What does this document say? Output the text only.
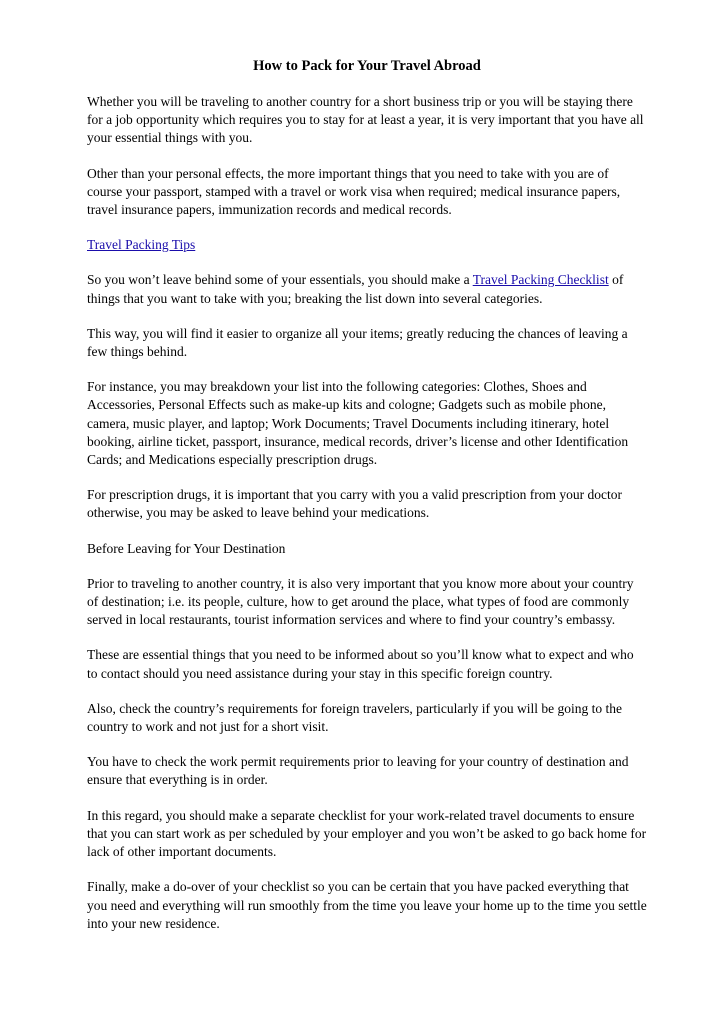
How to Pack for Your Travel Abroad

Whether you will be traveling to another country for a short business trip or you will be staying there for a job opportunity which requires you to stay for at least a year, it is very important that you have all your essential things with you.

Other than your personal effects, the more important things that you need to take with you are of course your passport, stamped with a travel or work visa when required; medical insurance papers, travel insurance papers, immunization records and medical records.

Travel Packing Tips

So you won’t leave behind some of your essentials, you should make a Travel Packing Checklist of things that you want to take with you; breaking the list down into several categories.

This way, you will find it easier to organize all your items; greatly reducing the chances of leaving a few things behind.

For instance, you may breakdown your list into the following categories: Clothes, Shoes and Accessories, Personal Effects such as make-up kits and cologne; Gadgets such as mobile phone, camera, music player, and laptop; Work Documents; Travel Documents including itinerary, hotel booking, airline ticket, passport, insurance, medical records, driver’s license and other Identification Cards; and Medications especially prescription drugs.

For prescription drugs, it is important that you carry with you a valid prescription from your doctor otherwise, you may be asked to leave behind your medications.

Before Leaving for Your Destination

Prior to traveling to another country, it is also very important that you know more about your country of destination; i.e. its people, culture, how to get around the place, what types of food are commonly served in local restaurants, tourist information services and where to find your country’s embassy.

These are essential things that you need to be informed about so you’ll know what to expect and who to contact should you need assistance during your stay in this specific foreign country.

Also, check the country’s requirements for foreign travelers, particularly if you will be going to the country to work and not just for a short visit.

You have to check the work permit requirements prior to leaving for your country of destination and ensure that everything is in order.

In this regard, you should make a separate checklist for your work-related travel documents to ensure that you can start work as per scheduled by your employer and you won’t be asked to go back home for lack of other important documents.

Finally, make a do-over of your checklist so you can be certain that you have packed everything that you need and everything will run smoothly from the time you leave your home up to the time you settle into your new residence.
